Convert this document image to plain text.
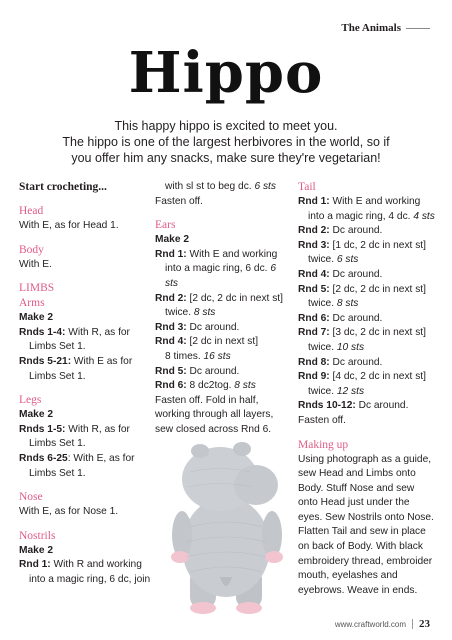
The Animals
Hippo
This happy hippo is excited to meet you.
The hippo is one of the largest herbivores in the world, so if
you offer him any snacks, make sure they're vegetarian!
Start crocheting...
Head
With E, as for Head 1.
Body
With E.
LIMBS
Arms
Make 2
Rnds 1-4: With R, as for
Limbs Set 1.
Rnds 5-21: With E as for
Limbs Set 1.
Legs
Make 2
Rnds 1-5: With R, as for
Limbs Set 1.
Rnds 6-25: With E, as for
Limbs Set 1.
Nose
With E, as for Nose 1.
Nostrils
Make 2
Rnd 1: With R and working
into a magic ring, 6 dc, join
with sl st to beg dc. 6 sts
Fasten off.
Ears
Make 2
Rnd 1: With E and working
into a magic ring, 6 dc. 6 sts
Rnd 2: [2 dc, 2 dc in next st]
twice. 8 sts
Rnd 3: Dc around.
Rnd 4: [2 dc in next st]
8 times. 16 sts
Rnd 5: Dc around.
Rnd 6: 8 dc2tog. 8 sts
Fasten off. Fold in half,
working through all layers,
sew closed across Rnd 6.
Tail
Rnd 1: With E and working
into a magic ring, 4 dc. 4 sts
Rnd 2: Dc around.
Rnd 3: [1 dc, 2 dc in next st]
twice. 6 sts
Rnd 4: Dc around.
Rnd 5: [2 dc, 2 dc in next st]
twice. 8 sts
Rnd 6: Dc around.
Rnd 7: [3 dc, 2 dc in next st]
twice. 10 sts
Rnd 8: Dc around.
Rnd 9: [4 dc, 2 dc in next st]
twice. 12 sts
Rnds 10-12: Dc around.
Fasten off.
Making up
Using photograph as a guide,
sew Head and Limbs onto
Body. Stuff Nose and sew
onto Head just under the
eyes. Sew Nostrils onto Nose.
Flatten Tail and sew in place
on back of Body. With black
embroidery thread, embroider
mouth, eyelashes and
eyebrows. Weave in ends.
www.craftworld.com 23
